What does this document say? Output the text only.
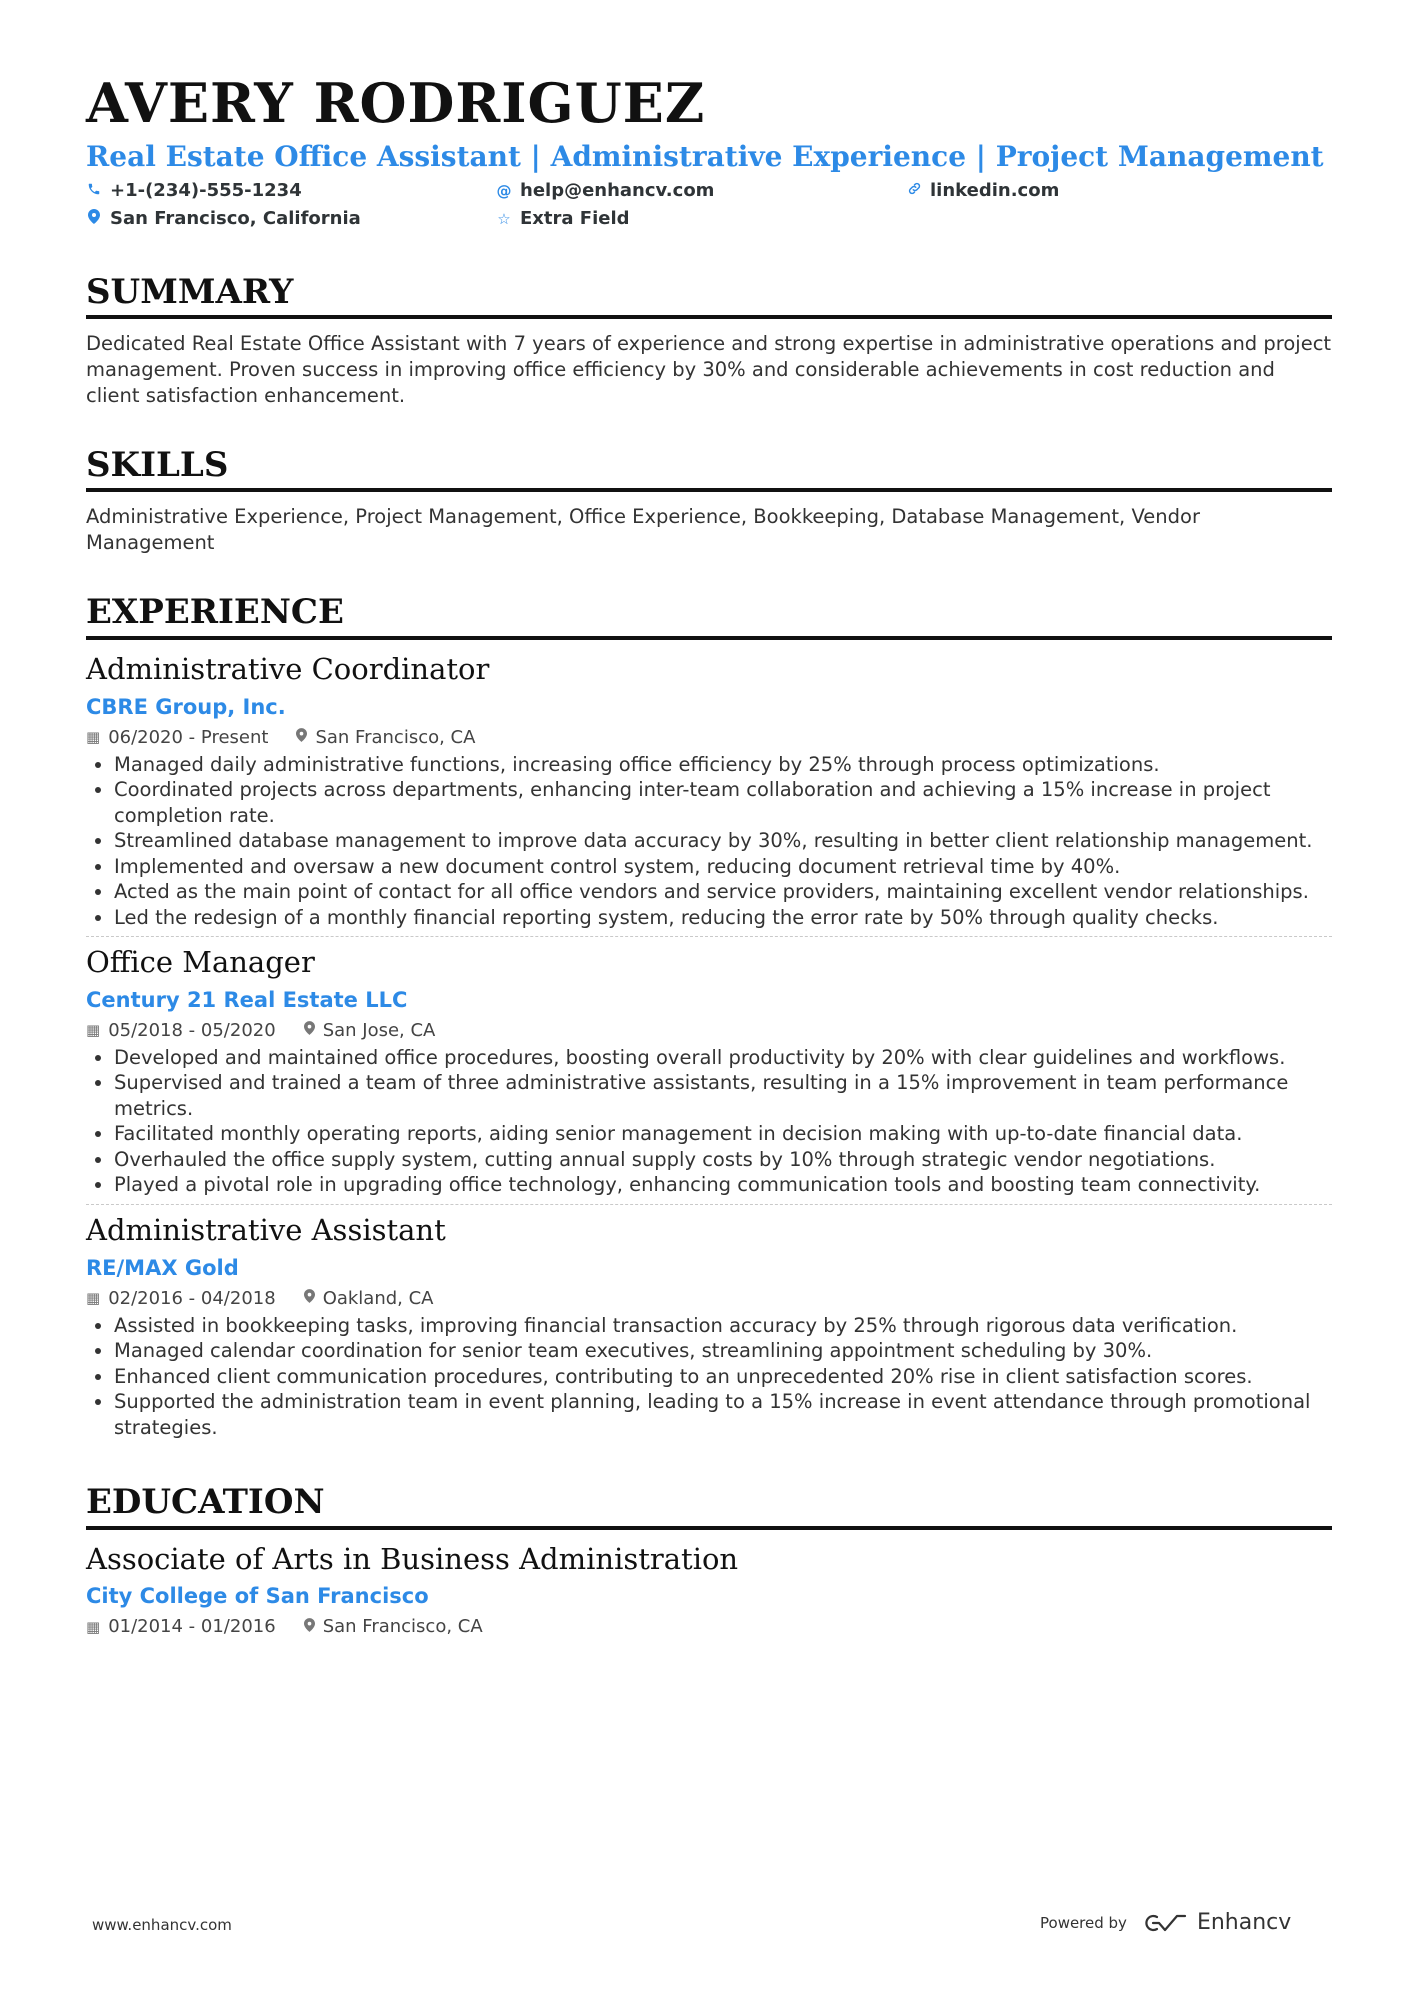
AVERY RODRIGUEZ
Real Estate Office Assistant | Administrative Experience | Project Management
+1-(234)-555-1234	@ help@enhancv.com	linkedin.com
San Francisco, California	☆ Extra Field
SUMMARY
Dedicated Real Estate Office Assistant with 7 years of experience and strong expertise in administrative operations and project management. Proven success in improving office efficiency by 30% and considerable achievements in cost reduction and client satisfaction enhancement.
SKILLS
Administrative Experience, Project Management, Office Experience, Bookkeeping, Database Management, Vendor Management
EXPERIENCE
Administrative Coordinator
CBRE Group, Inc.
▦ 06/2020 - Present	San Francisco, CA
• Managed daily administrative functions, increasing office efficiency by 25% through process optimizations.
• Coordinated projects across departments, enhancing inter-team collaboration and achieving a 15% increase in project completion rate.
• Streamlined database management to improve data accuracy by 30%, resulting in better client relationship management.
• Implemented and oversaw a new document control system, reducing document retrieval time by 40%.
• Acted as the main point of contact for all office vendors and service providers, maintaining excellent vendor relationships.
• Led the redesign of a monthly financial reporting system, reducing the error rate by 50% through quality checks.
Office Manager
Century 21 Real Estate LLC
▦ 05/2018 - 05/2020	San Jose, CA
• Developed and maintained office procedures, boosting overall productivity by 20% with clear guidelines and workflows.
• Supervised and trained a team of three administrative assistants, resulting in a 15% improvement in team performance metrics.
• Facilitated monthly operating reports, aiding senior management in decision making with up-to-date financial data.
• Overhauled the office supply system, cutting annual supply costs by 10% through strategic vendor negotiations.
• Played a pivotal role in upgrading office technology, enhancing communication tools and boosting team connectivity.
Administrative Assistant
RE/MAX Gold
▦ 02/2016 - 04/2018	Oakland, CA
• Assisted in bookkeeping tasks, improving financial transaction accuracy by 25% through rigorous data verification.
• Managed calendar coordination for senior team executives, streamlining appointment scheduling by 30%.
• Enhanced client communication procedures, contributing to an unprecedented 20% rise in client satisfaction scores.
• Supported the administration team in event planning, leading to a 15% increase in event attendance through promotional strategies.
EDUCATION
Associate of Arts in Business Administration
City College of San Francisco
▦ 01/2014 - 01/2016	San Francisco, CA
www.enhancv.com	Powered by	Enhancv
